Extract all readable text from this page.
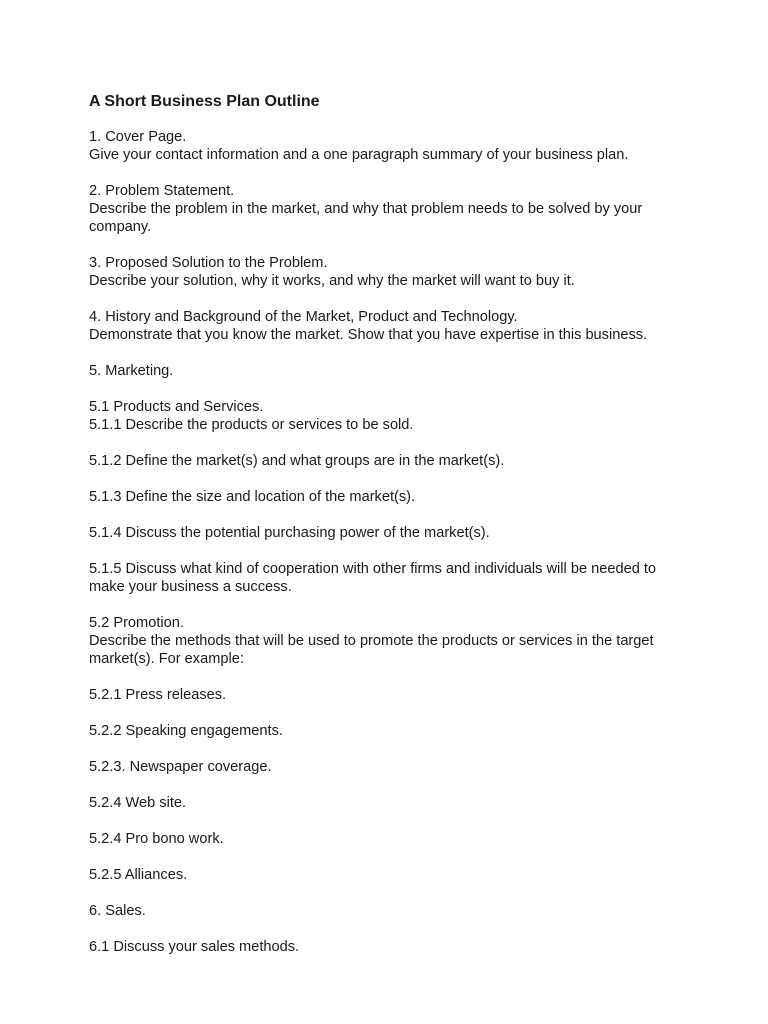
A Short Business Plan Outline
1. Cover Page.
Give your contact information and a one paragraph summary of your business plan.
2. Problem Statement.
Describe the problem in the market, and why that problem needs to be solved by your company.
3. Proposed Solution to the Problem.
Describe your solution, why it works, and why the market will want to buy it.
4. History and Background of the Market, Product and Technology.
Demonstrate that you know the market. Show that you have expertise in this business.
5. Marketing.
5.1 Products and Services.
5.1.1 Describe the products or services to be sold.
5.1.2 Define the market(s) and what groups are in the market(s).
5.1.3 Define the size and location of the market(s).
5.1.4 Discuss the potential purchasing power of the market(s).
5.1.5 Discuss what kind of cooperation with other firms and individuals will be needed to make your business a success.
5.2 Promotion.
Describe the methods that will be used to promote the products or services in the target market(s). For example:
5.2.1 Press releases.
5.2.2 Speaking engagements.
5.2.3. Newspaper coverage.
5.2.4 Web site.
5.2.4 Pro bono work.
5.2.5 Alliances.
6. Sales.
6.1 Discuss your sales methods.
